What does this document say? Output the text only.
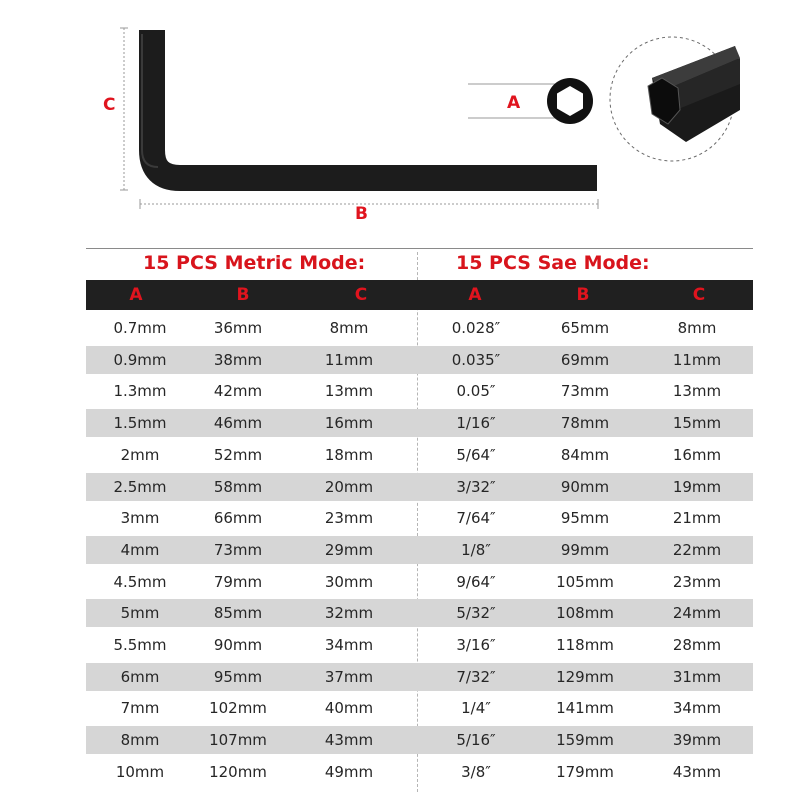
C
B
A
15 PCS Metric Mode:	15 PCS Sae Mode:
A	B	C	A	B	C
0.7mm	36mm	8mm	0.028″	65mm	8mm
0.9mm	38mm	11mm	0.035″	69mm	11mm
1.3mm	42mm	13mm	0.05″	73mm	13mm
1.5mm	46mm	16mm	1/16″	78mm	15mm
2mm	52mm	18mm	5/64″	84mm	16mm
2.5mm	58mm	20mm	3/32″	90mm	19mm
3mm	66mm	23mm	7/64″	95mm	21mm
4mm	73mm	29mm	1/8″	99mm	22mm
4.5mm	79mm	30mm	9/64″	105mm	23mm
5mm	85mm	32mm	5/32″	108mm	24mm
5.5mm	90mm	34mm	3/16″	118mm	28mm
6mm	95mm	37mm	7/32″	129mm	31mm
7mm	102mm	40mm	1/4″	141mm	34mm
8mm	107mm	43mm	5/16″	159mm	39mm
10mm	120mm	49mm	3/8″	179mm	43mm
